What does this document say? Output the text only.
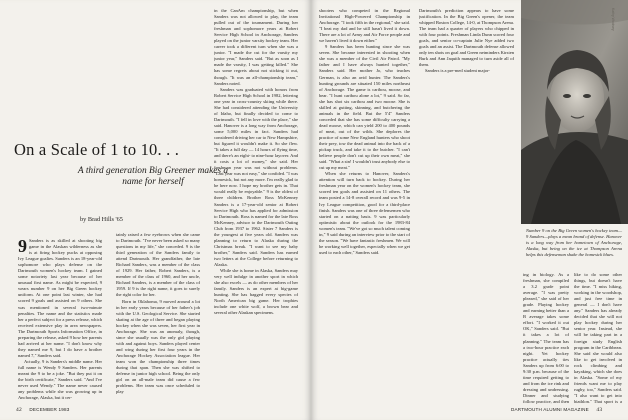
On a Scale of 1 to 10. . .
A third generation Big Greener makes a name for herself
by Brad Hills '65

9 Sanders is as skilled at shooting big game in the Alaskan wilderness as she is at firing hockey pucks at opposing Ivy League goalies. Sanders is an 18-year-old sophomore who plays defense on the Dartmouth women's hockey team. I gained some notoriety last year because of her unusual first name. As might be expected, 9 wears number 9 on her Big Green hockey uniform. At one point last winter, she had scored 9 goals and assisted on 9 others. She was mentioned in several two-minute penalties. The name and the statistics made her a perfect subject for a press release, which received extensive play in area newspapers. The Dartmouth Sports Information Office, in preparing the release, asked 9 how her parents had arrived at her name. "I don't know why they named me 9, but I do have a brother named 7," Sanders said.

Actually, 9 is Sanders's middle name. Her full name is Wendy 9 Sanders. Her parents meant the 9 to be a joke. "But they put it on the birth certificate," Sanders said. "And I've never used Wendy." The name never caused any problems while she was growing up in Anchorage, Alaska, but it cer-

tainly raised a few eyebrows when she came to Dartmouth. "I've never been asked so many questions in my life," she conceded. 9 is the third generation of the Sanders family to attend Dartmouth. Her grandfather, the late Richard Sanders, was a member of the class of 1929. Her father, Robert Sanders, is a member of the class of 1960, and her uncle, Richard Sanders, is a member of the class of 1959. If 9 is the right name, it goes to surely the right color for her.

Born in Oklahoma, 9 moved around a lot in her early years because of her father's job with the U.S. Geological Service. She started skating at the age of three and began playing hockey when she was seven, her first year in Anchorage. She was an anomaly, though, since she usually was the only girl playing with and against boys. Sanders played center and wing during her first four years in the Anchorage Hockey Association league. Her team won the championship three times during that span. Then she was shifted to defense in junior high school. Being the only girl on an all-male team did cause a few problems. Her team was once scheduled to play

in the CanAm championship, but when Sanders was not allowed to play, the team pulled out of the tournament. During her freshman and sophomore years at Robert Service High School in Anchorage, Sanders played on the junior varsity hockey team. Her career took a different turn when she was a junior. "I made the cut for the varsity my junior year," Sanders said. "But as soon as I made the varsity, I was getting killed." She has some regrets about not sticking it out, though. "It was an all-championship team," Sanders noted.

Sanders was graduated with honors from Robert Service High School in 1982, lettering one year in cross-country skiing while there. She had considered attending the University of Idaho, but finally decided to come to Dartmouth. "I fell in love with the place," she said. Hanover is a long way from Anchorage, some 5,000 miles in fact. Sanders had considered driving her car to New Hampshire, but figured it wouldn't make it. So she flew. "It takes a full day — 14 hours of flying time, and there's an eight- to nine-hour layover. And it costs a lot of money," she said. Her freshman year was not without problems. "Last year was not easy," she confided. "I was homesick, but not any more. I'm really glad to be here now. I hope my brother gets in. That would really be enjoyable." 9 is the oldest of three children. Brother Ross McKenney Sanders is a 17-year-old senior at Robert Service High who has applied for admission to Dartmouth. Ross is named for the late Ross McKenney, advisor to the Dartmouth Outing Club from 1937 to 1962. Sister 7 Sanders is the youngest at five years old. Sanders was planning to return to Alaska during the Christmas break. "I want to see my baby brother," Sanders said. Sanders has earned two letters at the College before returning to Alaska.

While she is home in Alaska, Sanders may very well indulge in another sport in which she also excels — as do other members of her family. Sanders is an expert at big-game hunting. She has bagged every species of North American big game. Her trophies include one white wolf, a brown bear and several other Alaskan specimens.

42 DECEMBER 1983

shooters who competed in the Regional Invitational High-Powered Championship in Anchorage. "I took fifth in the regional," she said. "I beat my dad and he still hasn't lived it down. There are a lot of Army and Air Force people and we haven't lived it down either."

9 Sanders has been hunting since she was seven. She became interested in shooting when she was a member of the Civil Air Patrol. "My father and I have always hunted together," Sanders said. Her mother Jo, who teaches German, is also an avid hunter. The Sanders's hunting grounds are situated 150 miles northeast of Anchorage. The game is caribou, moose, and bear. "I hunt caribou alone a lot," 9 said. So far, she has shot six caribou and two moose. She is skilled at gutting, skinning, and butchering the animals in the field. But the 5'4" Sanders conceded that she has some difficulty carrying a dead moose, which can yield 200 to 400 pounds of meat, out of the wilds. She deplores the practice of some New England hunters who shoot their prey, tow the dead animal into the back of a pickup truck, and take it to the butcher. "I can't believe people don't cut up their own meat," she said. "What a sin! I wouldn't trust anybody else to cut up my meat."

When she returns to Hanover, Sanders's attention will turn back to hockey. During her freshman year on the women's hockey team, she scored ten goals and assisted on 11 others. The team posted a 14-8 overall record and was 9-5 in Ivy League competition, good for a third-place finish. Sanders was one of three defensemen who started on a natting basis. 9 was particularly optimistic about the outlook for the 1983-84 women's team. "We've got so much talent coming in," 9 said during an interview prior to the start of the season. "We have fantastic freshmen. We will be working well together, especially when we get used to each other," Sanders said.

Dartmouth's prediction appears to have some justification. In the Big Green's opener, the team whipped Boston College, 14-0, at Thompson Arena. The team had a quarter of players who chipped in with four points. Freshman Linda Dunn scored four goals, and senior co-captain Julie Nye added two goals and an assist. The Dartmouth defense allowed only ten shots on goal and Green netminders Kirsten Burk and Ann Jaquith managed to turn aside all of them.

Sanders is a pre-med student major-

Kathy Woolsey
Number 9 on the Big Green women's hockey team—9 Sanders—plays a mean brand of defense. Hanover is a long way from her hometown of Anchorage, Alaska, but being on the ice at Thompson Arena helps this defenseman shake the homesick blues.

ing in biology. As a freshman, she compiled a 3.2 grade point average. "I was pretty pleased," she said of her grade. Playing hockey and earning better than a B average takes some effort. "I worked it out OK," Sanders said. "But it takes a lot of planning." The team has a two-hour practice each night. Yet hockey practice actually ties Sanders up from 6:00 to 9:30 p.m. because of the time required getting to and from the ice rink and dressing and undressing. Dinner and studying follow practice, and then

like to do some other things, but doesn't have the time. "I miss hiking, working in the woodshop, and just free time in general — I don't have any." Sanders has already decided that she will not play hockey during her senior year. Instead, she will be taking part in a foreign study English program in the Caribbean. She said she would also like to get involved in rock climbing and kayaking, which she does in Alaska. "Some of my friends want me to play rugby, too," Sanders said. "I also want to get into biathlon." That sport is a

DARTMOUTH ALUMNI MAGAZINE 43
